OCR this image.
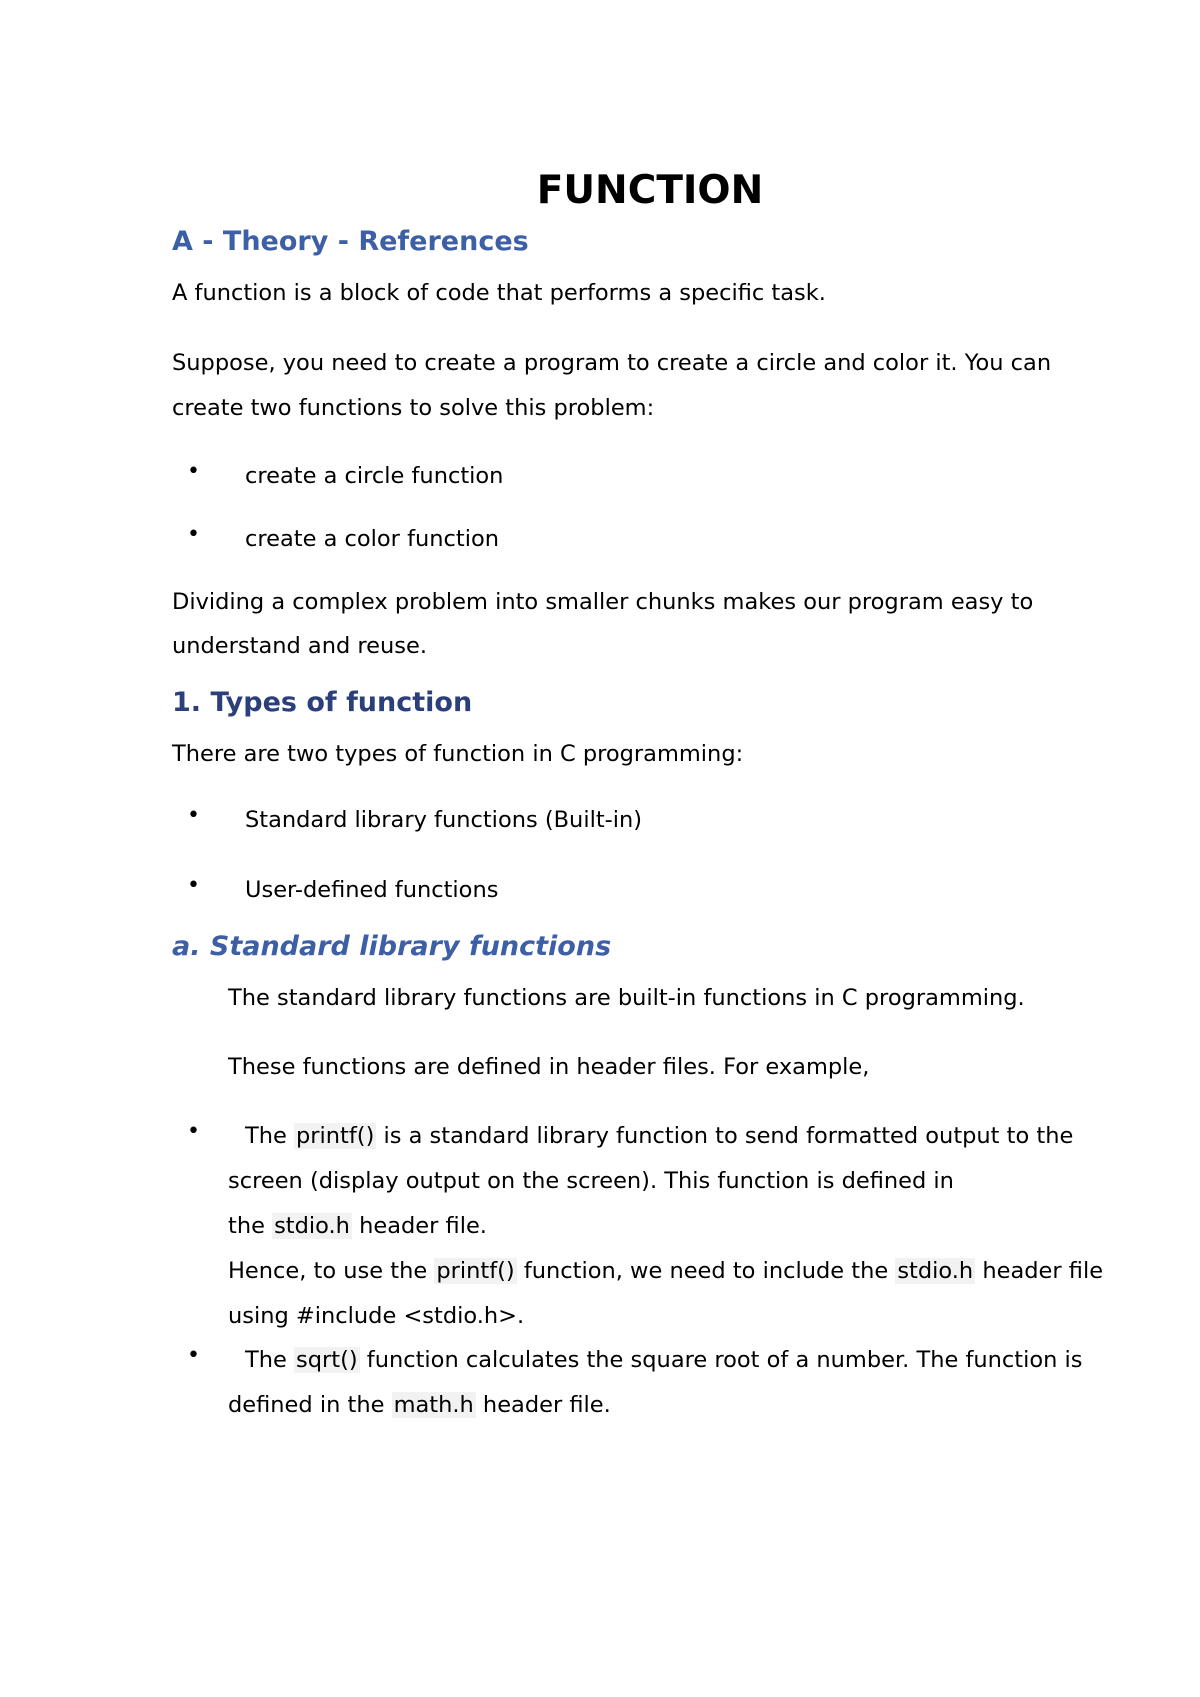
FUNCTION
A - Theory - References
A function is a block of code that performs a specific task.
Suppose, you need to create a program to create a circle and color it. You can
create two functions to solve this problem:
• create a circle function
• create a color function
Dividing a complex problem into smaller chunks makes our program easy to
understand and reuse.
1. Types of function
There are two types of function in C programming:
• Standard library functions (Built-in)
• User-defined functions
a. Standard library functions
The standard library functions are built-in functions in C programming.
These functions are defined in header files. For example,
• The printf() is a standard library function to send formatted output to the
screen (display output on the screen). This function is defined in
the stdio.h header file.
Hence, to use the printf() function, we need to include the stdio.h header file
using #include <stdio.h>.
• The sqrt() function calculates the square root of a number. The function is
defined in the math.h header file.
